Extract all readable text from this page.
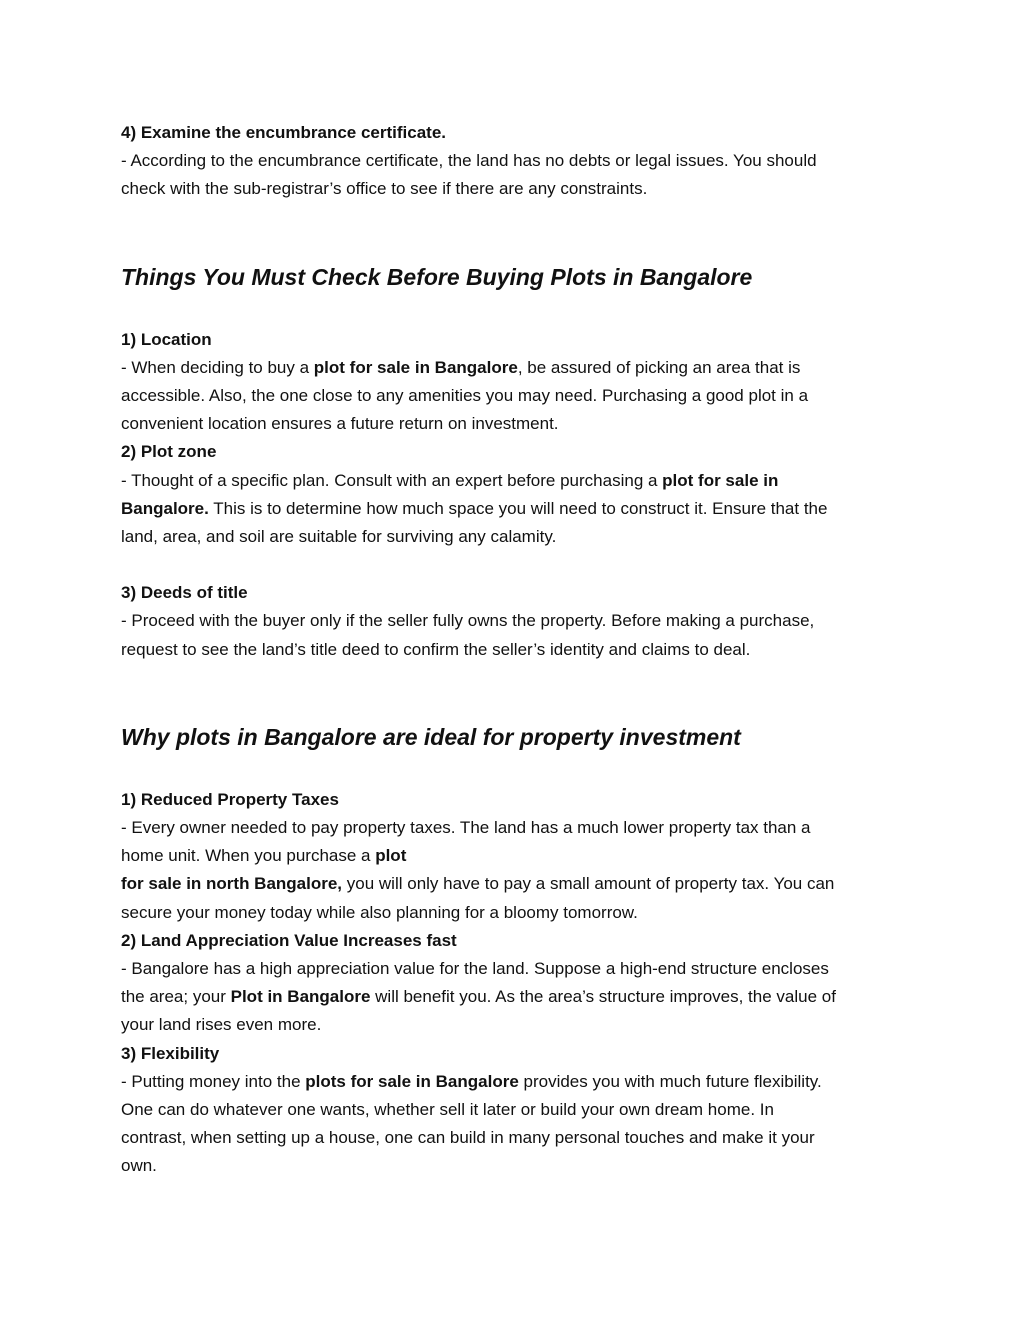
4) Examine the encumbrance certificate.

- According to the encumbrance certificate, the land has no debts or legal issues. You should

check with the sub-registrar’s office to see if there are any constraints.

Things You Must Check Before Buying Plots in Bangalore

1) Location

- When deciding to buy a plot for sale in Bangalore, be assured of picking an area that is

accessible. Also, the one close to any amenities you may need. Purchasing a good plot in a

convenient location ensures a future return on investment.

2) Plot zone

- Thought of a specific plan. Consult with an expert before purchasing a plot for sale in

Bangalore. This is to determine how much space you will need to construct it. Ensure that the

land, area, and soil are suitable for surviving any calamity.

3) Deeds of title

- Proceed with the buyer only if the seller fully owns the property. Before making a purchase,

request to see the land’s title deed to confirm the seller’s identity and claims to deal.

Why plots in Bangalore are ideal for property investment

1) Reduced Property Taxes

- Every owner needed to pay property taxes. The land has a much lower property tax than a

home unit. When you purchase a plot

for sale in north Bangalore, you will only have to pay a small amount of property tax. You can

secure your money today while also planning for a bloomy tomorrow.

2) Land Appreciation Value Increases fast

- Bangalore has a high appreciation value for the land. Suppose a high-end structure encloses

the area; your Plot in Bangalore will benefit you. As the area’s structure improves, the value of

your land rises even more.

3) Flexibility

- Putting money into the plots for sale in Bangalore provides you with much future flexibility.

One can do whatever one wants, whether sell it later or build your own dream home. In

contrast, when setting up a house, one can build in many personal touches and make it your

own.
